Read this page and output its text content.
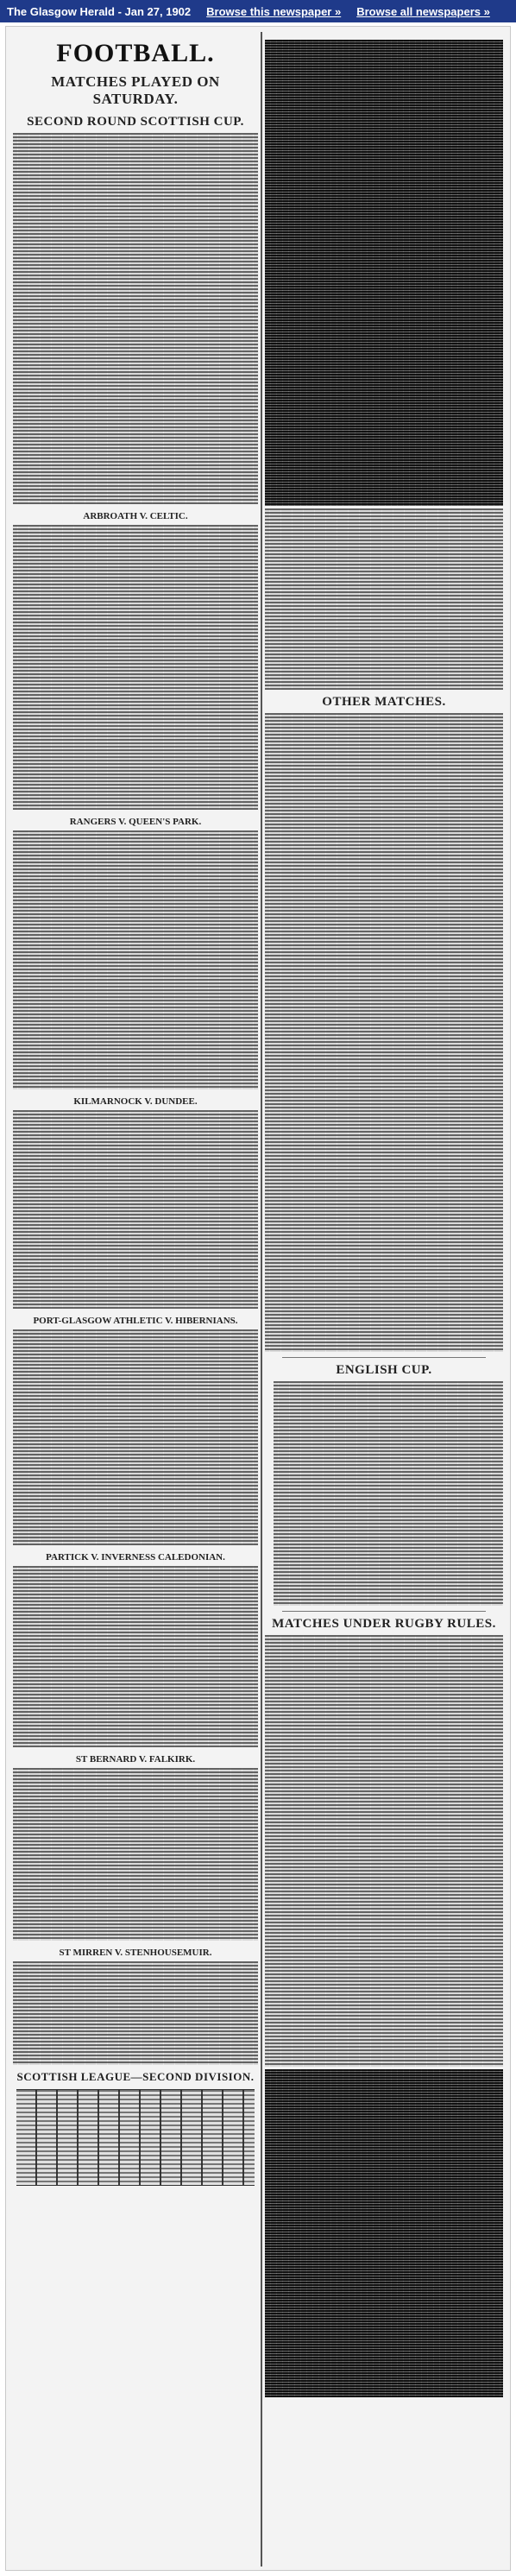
The Glasgow Herald - Jan 27, 1902 Browse this newspaper » Browse all newspapers »
FOOTBALL.
MATCHES PLAYED ON SATURDAY.
SECOND ROUND SCOTTISH CUP.
ARBROATH V. CELTIC.
RANGERS V. QUEEN'S PARK.
KILMARNOCK V. DUNDEE.
PORT-GLASGOW ATHLETIC V. HIBERNIANS.
PARTICK V. INVERNESS CALEDONIAN.
ST BERNARD V. FALKIRK.
ST MIRREN V. STENHOUSEMUIR.
SCOTTISH LEAGUE—SECOND DIVISION.
OTHER MATCHES.
ENGLISH CUP.
MATCHES UNDER RUGBY RULES.
